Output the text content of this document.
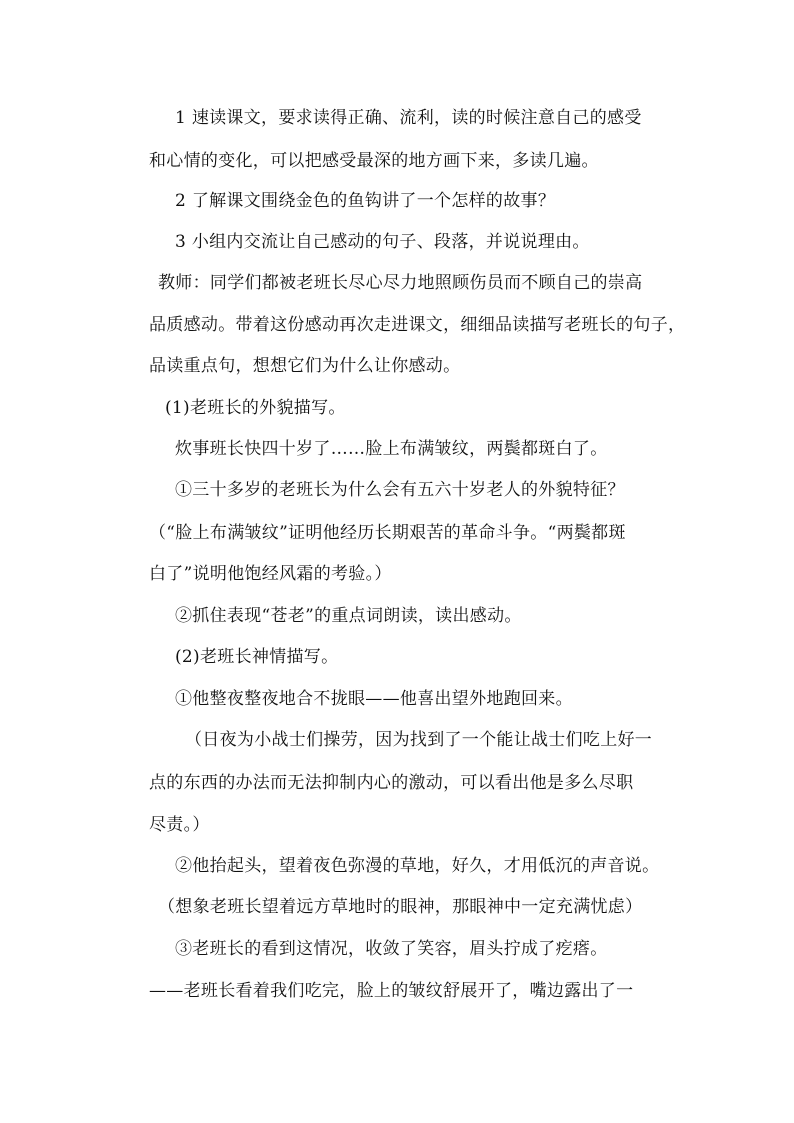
1 速读课文，要求读得正确、流利，读的时候注意自己的感受
和心情的变化，可以把感受最深的地方画下来，多读几遍。
2 了解课文围绕金色的鱼钩讲了一个怎样的故事？
3 小组内交流让自己感动的句子、段落，并说说理由。
教师：同学们都被老班长尽心尽力地照顾伤员而不顾自己的崇高
品质感动。带着这份感动再次走进课文，细细品读描写老班长的句子，
品读重点句，想想它们为什么让你感动。
(1)老班长的外貌描写。
炊事班长快四十岁了……脸上布满皱纹，两鬓都斑白了。
①三十多岁的老班长为什么会有五六十岁老人的外貌特征？
（“脸上布满皱纹”证明他经历长期艰苦的革命斗争。“两鬓都斑
白了”说明他饱经风霜的考验。）
②抓住表现“苍老”的重点词朗读，读出感动。
(2)老班长神情描写。
①他整夜整夜地合不拢眼——他喜出望外地跑回来。
（日夜为小战士们操劳，因为找到了一个能让战士们吃上好一
点的东西的办法而无法抑制内心的激动，可以看出他是多么尽职
尽责。）
②他抬起头，望着夜色弥漫的草地，好久，才用低沉的声音说。
（想象老班长望着远方草地时的眼神，那眼神中一定充满忧虑）
③老班长的看到这情况，收敛了笑容，眉头拧成了疙瘩。
——老班长看着我们吃完，脸上的皱纹舒展开了，嘴边露出了一
